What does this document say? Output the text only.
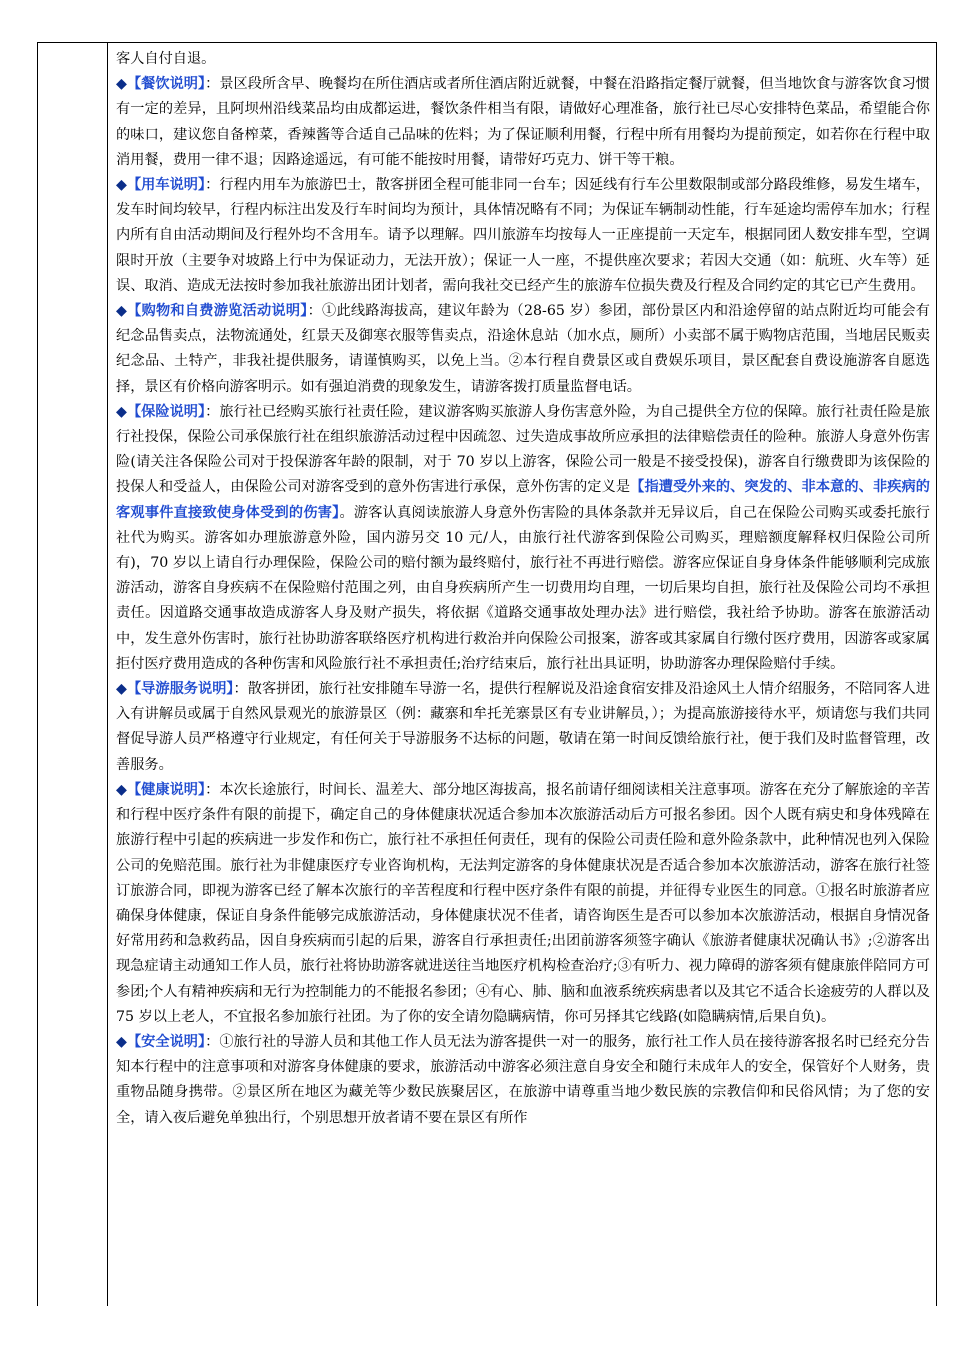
客人自付自退。

◆【餐饮说明】：景区段所含早、晚餐均在所住酒店或者所住酒店附近就餐，中餐在沿路指定餐厅就餐，但当地饮食与游客饮食习惯有一定的差异，且阿坝州沿线菜品均由成都运进，餐饮条件相当有限，请做好心理准备，旅行社已尽心安排特色菜品，希望能合你的味口，建议您自备榨菜，香辣酱等合适自己品味的佐料；为了保证顺利用餐，行程中所有用餐均为提前预定，如若你在行程中取消用餐，费用一律不退；因路途遥远，有可能不能按时用餐，请带好巧克力、饼干等干粮。

◆【用车说明】：行程内用车为旅游巴士，散客拼团全程可能非同一台车；因延线有行车公里数限制或部分路段维修，易发生堵车，发车时间均较早，行程内标注出发及行车时间均为预计，具体情况略有不同；为保证车辆制动性能，行车延途均需停车加水；行程内所有自由活动期间及行程外均不含用车。请予以理解。四川旅游车均按每人一正座提前一天定车，根据同团人数安排车型，空调限时开放（主要争对坡路上行中为保证动力，无法开放）；保证一人一座，不提供座次要求；若因大交通（如：航班、火车等）延误、取消、造成无法按时参加我社旅游出团计划者，需向我社交已经产生的旅游车位损失费及行程及合同约定的其它已产生费用。

◆【购物和自费游览活动说明】：①此线路海拔高，建议年龄为（28-65 岁）参团，部份景区内和沿途停留的站点附近均可能会有纪念品售卖点，法物流通处，红景天及御寒衣服等售卖点，沿途休息站（加水点，厕所）小卖部不属于购物店范围，当地居民贩卖纪念品、土特产，非我社提供服务，请谨慎购买，以免上当。②本行程自费景区或自费娱乐项目，景区配套自费设施游客自愿选择，景区有价格向游客明示。如有强迫消费的现象发生，请游客拨打质量监督电话。

◆【保险说明】：旅行社已经购买旅行社责任险，建议游客购买旅游人身伤害意外险，为自己提供全方位的保障。旅行社责任险是旅行社投保，保险公司承保旅行社在组织旅游活动过程中因疏忽、过失造成事故所应承担的法律赔偿责任的险种。旅游人身意外伤害险(请关注各保险公司对于投保游客年龄的限制，对于 70 岁以上游客，保险公司一般是不接受投保)，游客自行缴费即为该保险的投保人和受益人，由保险公司对游客受到的意外伤害进行承保，意外伤害的定义是【指遭受外来的、突发的、非本意的、非疾病的客观事件直接致使身体受到的伤害】。游客认真阅读旅游人身意外伤害险的具体条款并无异议后，自己在保险公司购买或委托旅行社代为购买。游客如办理旅游意外险，国内游另交 10 元/人，由旅行社代游客到保险公司购买，理赔额度解释权归保险公司所有)，70 岁以上请自行办理保险，保险公司的赔付额为最终赔付，旅行社不再进行赔偿。游客应保证自身身体条件能够顺利完成旅游活动，游客自身疾病不在保险赔付范围之列，由自身疾病所产生一切费用均自理，一切后果均自担，旅行社及保险公司均不承担责任。因道路交通事故造成游客人身及财产损失，将依据《道路交通事故处理办法》进行赔偿，我社给予协助。游客在旅游活动中，发生意外伤害时，旅行社协助游客联络医疗机构进行救治并向保险公司报案，游客或其家属自行缴付医疗费用，因游客或家属拒付医疗费用造成的各种伤害和风险旅行社不承担责任;治疗结束后，旅行社出具证明，协助游客办理保险赔付手续。

◆【导游服务说明】：散客拼团，旅行社安排随车导游一名，提供行程解说及沿途食宿安排及沿途风土人情介绍服务，不陪同客人进入有讲解员或属于自然风景观光的旅游景区（例：藏寨和牟托羌寨景区有专业讲解员，）；为提高旅游接待水平，烦请您与我们共同督促导游人员严格遵守行业规定，有任何关于导游服务不达标的问题，敬请在第一时间反馈给旅行社，便于我们及时监督管理，改善服务。

◆【健康说明】：本次长途旅行，时间长、温差大、部分地区海拔高，报名前请仔细阅读相关注意事项。游客在充分了解旅途的辛苦和行程中医疗条件有限的前提下，确定自己的身体健康状况适合参加本次旅游活动后方可报名参团。因个人既有病史和身体残障在旅游行程中引起的疾病进一步发作和伤亡，旅行社不承担任何责任，现有的保险公司责任险和意外险条款中，此种情况也列入保险公司的免赔范围。旅行社为非健康医疗专业咨询机构，无法判定游客的身体健康状况是否适合参加本次旅游活动，游客在旅行社签订旅游合同，即视为游客已经了解本次旅行的辛苦程度和行程中医疗条件有限的前提，并征得专业医生的同意。①报名时旅游者应确保身体健康，保证自身条件能够完成旅游活动，身体健康状况不佳者，请咨询医生是否可以参加本次旅游活动，根据自身情况备好常用药和急救药品，因自身疾病而引起的后果，游客自行承担责任;出团前游客须签字确认《旅游者健康状况确认书》;②游客出现急症请主动通知工作人员，旅行社将协助游客就进送往当地医疗机构检查治疗;③有听力、视力障碍的游客须有健康旅伴陪同方可参团;个人有精神疾病和无行为控制能力的不能报名参团；④有心、肺、脑和血液系统疾病患者以及其它不适合长途疲劳的人群以及 75 岁以上老人，不宜报名参加旅行社团。为了你的安全请勿隐瞒病情，你可另择其它线路(如隐瞒病情,后果自负)。

◆【安全说明】：①旅行社的导游人员和其他工作人员无法为游客提供一对一的服务，旅行社工作人员在接待游客报名时已经充分告知本行程中的注意事项和对游客身体健康的要求，旅游活动中游客必须注意自身安全和随行未成年人的安全，保管好个人财务，贵重物品随身携带。②景区所在地区为藏羌等少数民族聚居区，在旅游中请尊重当地少数民族的宗教信仰和民俗风情；为了您的安全，请入夜后避免单独出行，个别思想开放者请不要在景区有所作
